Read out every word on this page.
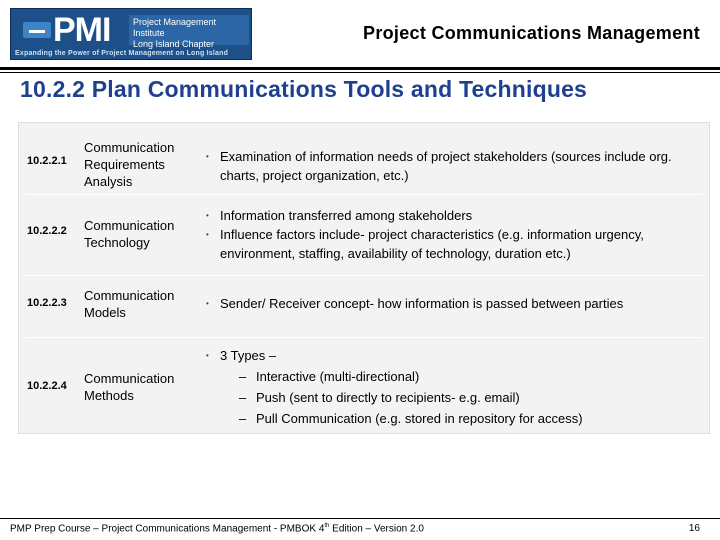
PMI	Project Management Institute
Long Island Chapter
Expanding the Power of Project Management on Long Island
Project Communications Management
10.2.2 Plan Communications Tools and Techniques
10.2.2.1
Communication Requirements Analysis
• Examination of information needs of project stakeholders (sources include org. charts, project organization, etc.)
10.2.2.2 Communication Technology
• Information transferred among stakeholders
• Influence factors include- project characteristics (e.g. information urgency, environment, staffing, availability of technology, duration etc.)
10.2.2.3 Communication Models
• Sender/ Receiver concept- how information is passed between parties
10.2.2.4 Communication Methods
• 3 Types –
– Interactive (multi-directional)
– Push (sent to directly to recipients- e.g. email)
– Pull Communication (e.g. stored in repository for access)
PMP Prep Course – Project Communications Management - PMBOK 4th Edition – Version 2.0	16
